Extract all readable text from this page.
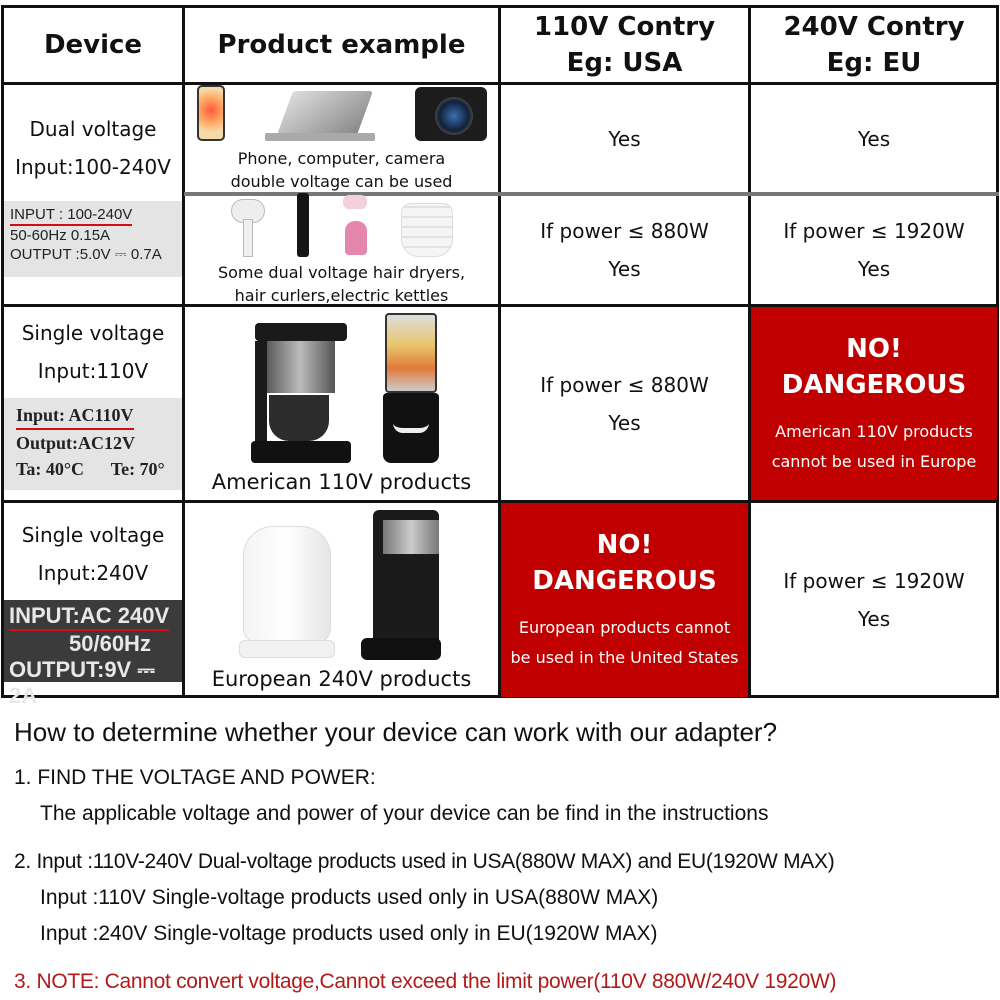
Device	Product example
110V Contry
Eg: USA
240V Contry
Eg: EU
Dual voltage
Input:100-240V
INPUT : 100-240V
50-60Hz 0.15A
OUTPUT :5.0V ⎓ 0.7A
Phone, computer, camera
double voltage can be used
Yes	Yes
Some dual voltage hair dryers,
hair curlers,electric kettles
If power ≤ 880W
Yes
If power ≤ 1920W
Yes
Single voltage
Input:110V
Input: AC110V
Output:AC12V
Ta: 40°C      Te: 70°
American 110V products
If power ≤ 880W
Yes
NO!
DANGEROUS
American 110V products
cannot be used in Europe
Single voltage
Input:240V
INPUT:AC 240V
50/60Hz
OUTPUT:9V ⎓ 2A
European 240V products
NO!
DANGEROUS
European products cannot
be used in the United States
If power ≤ 1920W
Yes

How to determine whether your device can work with our adapter?

1. FIND THE VOLTAGE AND POWER:

The applicable voltage and power of your device can be find in the instructions

2. Input :110V-240V Dual-voltage products used in USA(880W MAX) and EU(1920W MAX)

Input :110V Single-voltage products used only in USA(880W MAX)

Input :240V Single-voltage products used only in EU(1920W MAX)

3. NOTE: Cannot convert voltage,Cannot exceed the limit power(110V 880W/240V 1920W)
